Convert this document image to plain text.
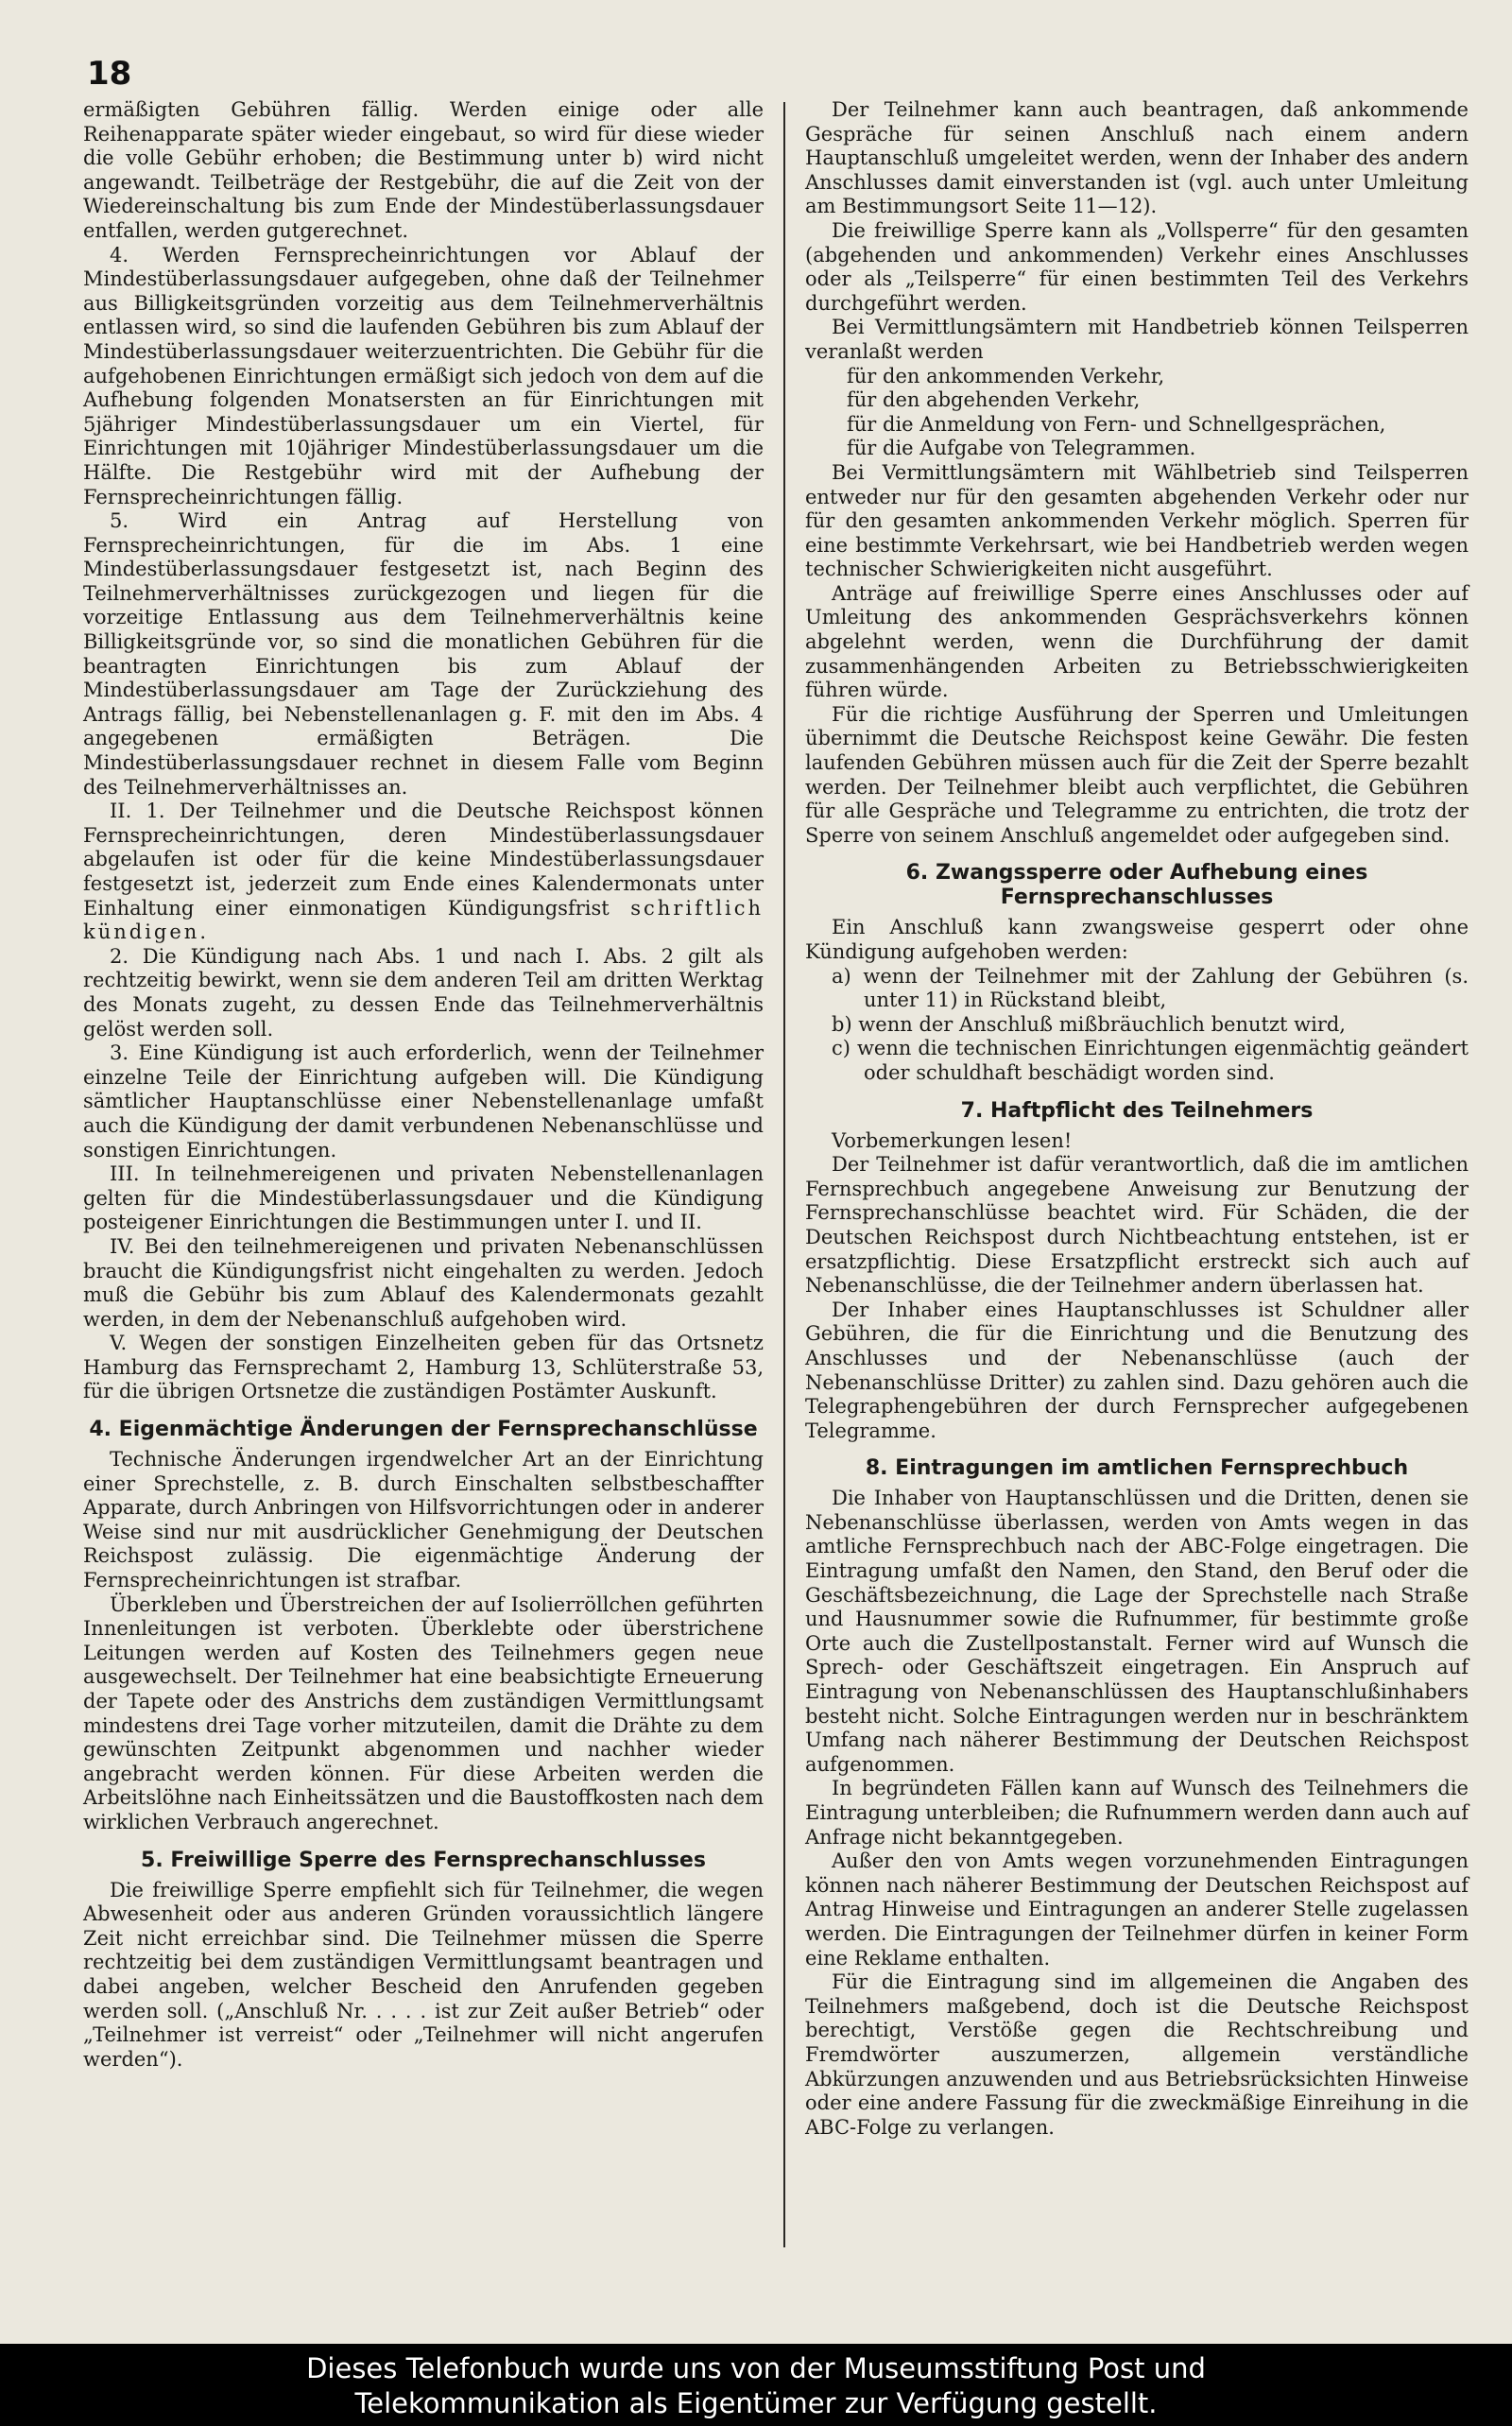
18

ermäßigten Gebühren fällig. Werden einige oder alle Reihenapparate später wieder eingebaut, so wird für diese wieder die volle Gebühr erhoben; die Bestimmung unter b) wird nicht angewandt. Teilbeträge der Restgebühr, die auf die Zeit von der Wiedereinschaltung bis zum Ende der Mindestüberlassungsdauer entfallen, werden gutgerechnet.

4. Werden Fernsprecheinrichtungen vor Ablauf der Mindestüberlassungsdauer aufgegeben, ohne daß der Teilnehmer aus Billigkeitsgründen vorzeitig aus dem Teilnehmerverhältnis entlassen wird, so sind die laufenden Gebühren bis zum Ablauf der Mindestüberlassungsdauer weiterzuentrichten. Die Gebühr für die aufgehobenen Einrichtungen ermäßigt sich jedoch von dem auf die Aufhebung folgenden Monatsersten an für Einrichtungen mit 5jähriger Mindestüberlassungsdauer um ein Viertel, für Einrichtungen mit 10jähriger Mindestüberlassungsdauer um die Hälfte. Die Restgebühr wird mit der Aufhebung der Fernsprecheinrichtungen fällig.

5. Wird ein Antrag auf Herstellung von Fernsprecheinrichtungen, für die im Abs. 1 eine Mindestüberlassungsdauer festgesetzt ist, nach Beginn des Teilnehmerverhältnisses zurückgezogen und liegen für die vorzeitige Entlassung aus dem Teilnehmerverhältnis keine Billigkeitsgründe vor, so sind die monatlichen Gebühren für die beantragten Einrichtungen bis zum Ablauf der Mindestüberlassungsdauer am Tage der Zurückziehung des Antrags fällig, bei Nebenstellenanlagen g. F. mit den im Abs. 4 angegebenen ermäßigten Beträgen. Die Mindestüberlassungsdauer rechnet in diesem Falle vom Beginn des Teilnehmerverhältnisses an.

II. 1. Der Teilnehmer und die Deutsche Reichspost können Fernsprecheinrichtungen, deren Mindestüberlassungsdauer abgelaufen ist oder für die keine Mindestüberlassungsdauer festgesetzt ist, jederzeit zum Ende eines Kalendermonats unter Einhaltung einer einmonatigen Kündigungsfrist schriftlich kündigen.

2. Die Kündigung nach Abs. 1 und nach I. Abs. 2 gilt als rechtzeitig bewirkt, wenn sie dem anderen Teil am dritten Werktag des Monats zugeht, zu dessen Ende das Teilnehmerverhältnis gelöst werden soll.

3. Eine Kündigung ist auch erforderlich, wenn der Teilnehmer einzelne Teile der Einrichtung aufgeben will. Die Kündigung sämtlicher Hauptanschlüsse einer Nebenstellenanlage umfaßt auch die Kündigung der damit verbundenen Nebenanschlüsse und sonstigen Einrichtungen.

III. In teilnehmereigenen und privaten Nebenstellenanlagen gelten für die Mindestüberlassungsdauer und die Kündigung posteigener Einrichtungen die Bestimmungen unter I. und II.

IV. Bei den teilnehmereigenen und privaten Nebenanschlüssen braucht die Kündigungsfrist nicht eingehalten zu werden. Jedoch muß die Gebühr bis zum Ablauf des Kalendermonats gezahlt werden, in dem der Nebenanschluß aufgehoben wird.

V. Wegen der sonstigen Einzelheiten geben für das Ortsnetz Hamburg das Fernsprechamt 2, Hamburg 13, Schlüterstraße 53, für die übrigen Ortsnetze die zuständigen Postämter Auskunft.

4. Eigenmächtige Änderungen der Fernsprechanschlüsse

Technische Änderungen irgendwelcher Art an der Einrichtung einer Sprechstelle, z. B. durch Einschalten selbstbeschaffter Apparate, durch Anbringen von Hilfsvorrichtungen oder in anderer Weise sind nur mit ausdrücklicher Genehmigung der Deutschen Reichspost zulässig. Die eigenmächtige Änderung der Fernsprecheinrichtungen ist strafbar.

Überkleben und Überstreichen der auf Isolierröllchen geführten Innenleitungen ist verboten. Überklebte oder überstrichene Leitungen werden auf Kosten des Teilnehmers gegen neue ausgewechselt. Der Teilnehmer hat eine beabsichtigte Erneuerung der Tapete oder des Anstrichs dem zuständigen Vermittlungsamt mindestens drei Tage vorher mitzuteilen, damit die Drähte zu dem gewünschten Zeitpunkt abgenommen und nachher wieder angebracht werden können. Für diese Arbeiten werden die Arbeitslöhne nach Einheitssätzen und die Baustoffkosten nach dem wirklichen Verbrauch angerechnet.

5. Freiwillige Sperre des Fernsprechanschlusses

Die freiwillige Sperre empfiehlt sich für Teilnehmer, die wegen Abwesenheit oder aus anderen Gründen voraussichtlich längere Zeit nicht erreichbar sind. Die Teilnehmer müssen die Sperre rechtzeitig bei dem zuständigen Vermittlungsamt beantragen und dabei angeben, welcher Bescheid den Anrufenden gegeben werden soll. („Anschluß Nr. . . . . ist zur Zeit außer Betrieb“ oder „Teilnehmer ist verreist“ oder „Teilnehmer will nicht angerufen werden“).

Der Teilnehmer kann auch beantragen, daß ankommende Gespräche für seinen Anschluß nach einem andern Hauptanschluß umgeleitet werden, wenn der Inhaber des andern Anschlusses damit einverstanden ist (vgl. auch unter Umleitung am Bestimmungsort Seite 11—12).

Die freiwillige Sperre kann als „Vollsperre“ für den gesamten (abgehenden und ankommenden) Verkehr eines Anschlusses oder als „Teilsperre“ für einen bestimmten Teil des Verkehrs durchgeführt werden.

Bei Vermittlungsämtern mit Handbetrieb können Teilsperren veranlaßt werden

für den ankommenden Verkehr,

für den abgehenden Verkehr,

für die Anmeldung von Fern- und Schnellgesprächen,

für die Aufgabe von Telegrammen.

Bei Vermittlungsämtern mit Wählbetrieb sind Teilsperren entweder nur für den gesamten abgehenden Verkehr oder nur für den gesamten ankommenden Verkehr möglich. Sperren für eine bestimmte Verkehrsart, wie bei Handbetrieb werden wegen technischer Schwierigkeiten nicht ausgeführt.

Anträge auf freiwillige Sperre eines Anschlusses oder auf Umleitung des ankommenden Gesprächsverkehrs können abgelehnt werden, wenn die Durchführung der damit zusammenhängenden Arbeiten zu Betriebsschwierigkeiten führen würde.

Für die richtige Ausführung der Sperren und Umleitungen übernimmt die Deutsche Reichspost keine Gewähr. Die festen laufenden Gebühren müssen auch für die Zeit der Sperre bezahlt werden. Der Teilnehmer bleibt auch verpflichtet, die Gebühren für alle Gespräche und Telegramme zu entrichten, die trotz der Sperre von seinem Anschluß angemeldet oder aufgegeben sind.

6. Zwangssperre oder Aufhebung eines Fernsprechanschlusses

Ein Anschluß kann zwangsweise gesperrt oder ohne Kündigung aufgehoben werden:

a) wenn der Teilnehmer mit der Zahlung der Gebühren (s. unter 11) in Rückstand bleibt,

b) wenn der Anschluß mißbräuchlich benutzt wird,

c) wenn die technischen Einrichtungen eigenmächtig geändert oder schuldhaft beschädigt worden sind.

7. Haftpflicht des Teilnehmers

Vorbemerkungen lesen!

Der Teilnehmer ist dafür verantwortlich, daß die im amtlichen Fernsprechbuch angegebene Anweisung zur Benutzung der Fernsprechanschlüsse beachtet wird. Für Schäden, die der Deutschen Reichspost durch Nichtbeachtung entstehen, ist er ersatzpflichtig. Diese Ersatzpflicht erstreckt sich auch auf Nebenanschlüsse, die der Teilnehmer andern überlassen hat.

Der Inhaber eines Hauptanschlusses ist Schuldner aller Gebühren, die für die Einrichtung und die Benutzung des Anschlusses und der Nebenanschlüsse (auch der Nebenanschlüsse Dritter) zu zahlen sind. Dazu gehören auch die Telegraphengebühren der durch Fernsprecher aufgegebenen Telegramme.

8. Eintragungen im amtlichen Fernsprechbuch

Die Inhaber von Hauptanschlüssen und die Dritten, denen sie Nebenanschlüsse überlassen, werden von Amts wegen in das amtliche Fernsprechbuch nach der ABC-Folge eingetragen. Die Eintragung umfaßt den Namen, den Stand, den Beruf oder die Geschäftsbezeichnung, die Lage der Sprechstelle nach Straße und Hausnummer sowie die Rufnummer, für bestimmte große Orte auch die Zustellpostanstalt. Ferner wird auf Wunsch die Sprech- oder Geschäftszeit eingetragen. Ein Anspruch auf Eintragung von Nebenanschlüssen des Hauptanschlußinhabers besteht nicht. Solche Eintragungen werden nur in beschränktem Umfang nach näherer Bestimmung der Deutschen Reichspost aufgenommen.

In begründeten Fällen kann auf Wunsch des Teilnehmers die Eintragung unterbleiben; die Rufnummern werden dann auch auf Anfrage nicht bekanntgegeben.

Außer den von Amts wegen vorzunehmenden Eintragungen können nach näherer Bestimmung der Deutschen Reichspost auf Antrag Hinweise und Eintragungen an anderer Stelle zugelassen werden. Die Eintragungen der Teilnehmer dürfen in keiner Form eine Reklame enthalten.

Für die Eintragung sind im allgemeinen die Angaben des Teilnehmers maßgebend, doch ist die Deutsche Reichspost berechtigt, Verstöße gegen die Rechtschreibung und Fremdwörter auszumerzen, allgemein verständliche Abkürzungen anzuwenden und aus Betriebsrücksichten Hinweise oder eine andere Fassung für die zweckmäßige Einreihung in die ABC-Folge zu verlangen.

Dieses Telefonbuch wurde uns von der Museumsstiftung Post und
Telekommunikation als Eigentümer zur Verfügung gestellt.
